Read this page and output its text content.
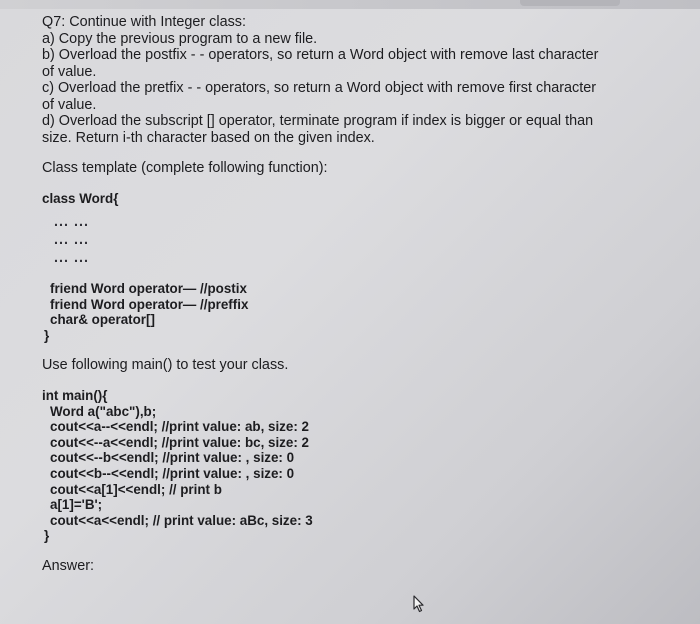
Q7: Continue with Integer class:

a) Copy the previous program to a new file.

b) Overload the postfix - - operators, so return a Word object with remove last character

of value.

c) Overload the pretfix - - operators, so return a Word object with remove first character

of value.

d) Overload the subscript [] operator, terminate program if index is bigger or equal than

size. Return i-th character based on the given index.

Class template (complete following function):

class Word{

... ...

... ...

... ...

friend Word operator— //postix

friend Word operator— //preffix

char& operator[]

}

Use following main() to test your class.

int main(){

Word a("abc"),b;

cout<<a--<<endl; //print value: ab, size: 2

cout<<--a<<endl; //print value: bc, size: 2

cout<<--b<<endl; //print value: , size: 0

cout<<b--<<endl; //print value: , size: 0

cout<<a[1]<<endl; // print b

a[1]='B';

cout<<a<<endl; // print value: aBc, size: 3

}

Answer:
